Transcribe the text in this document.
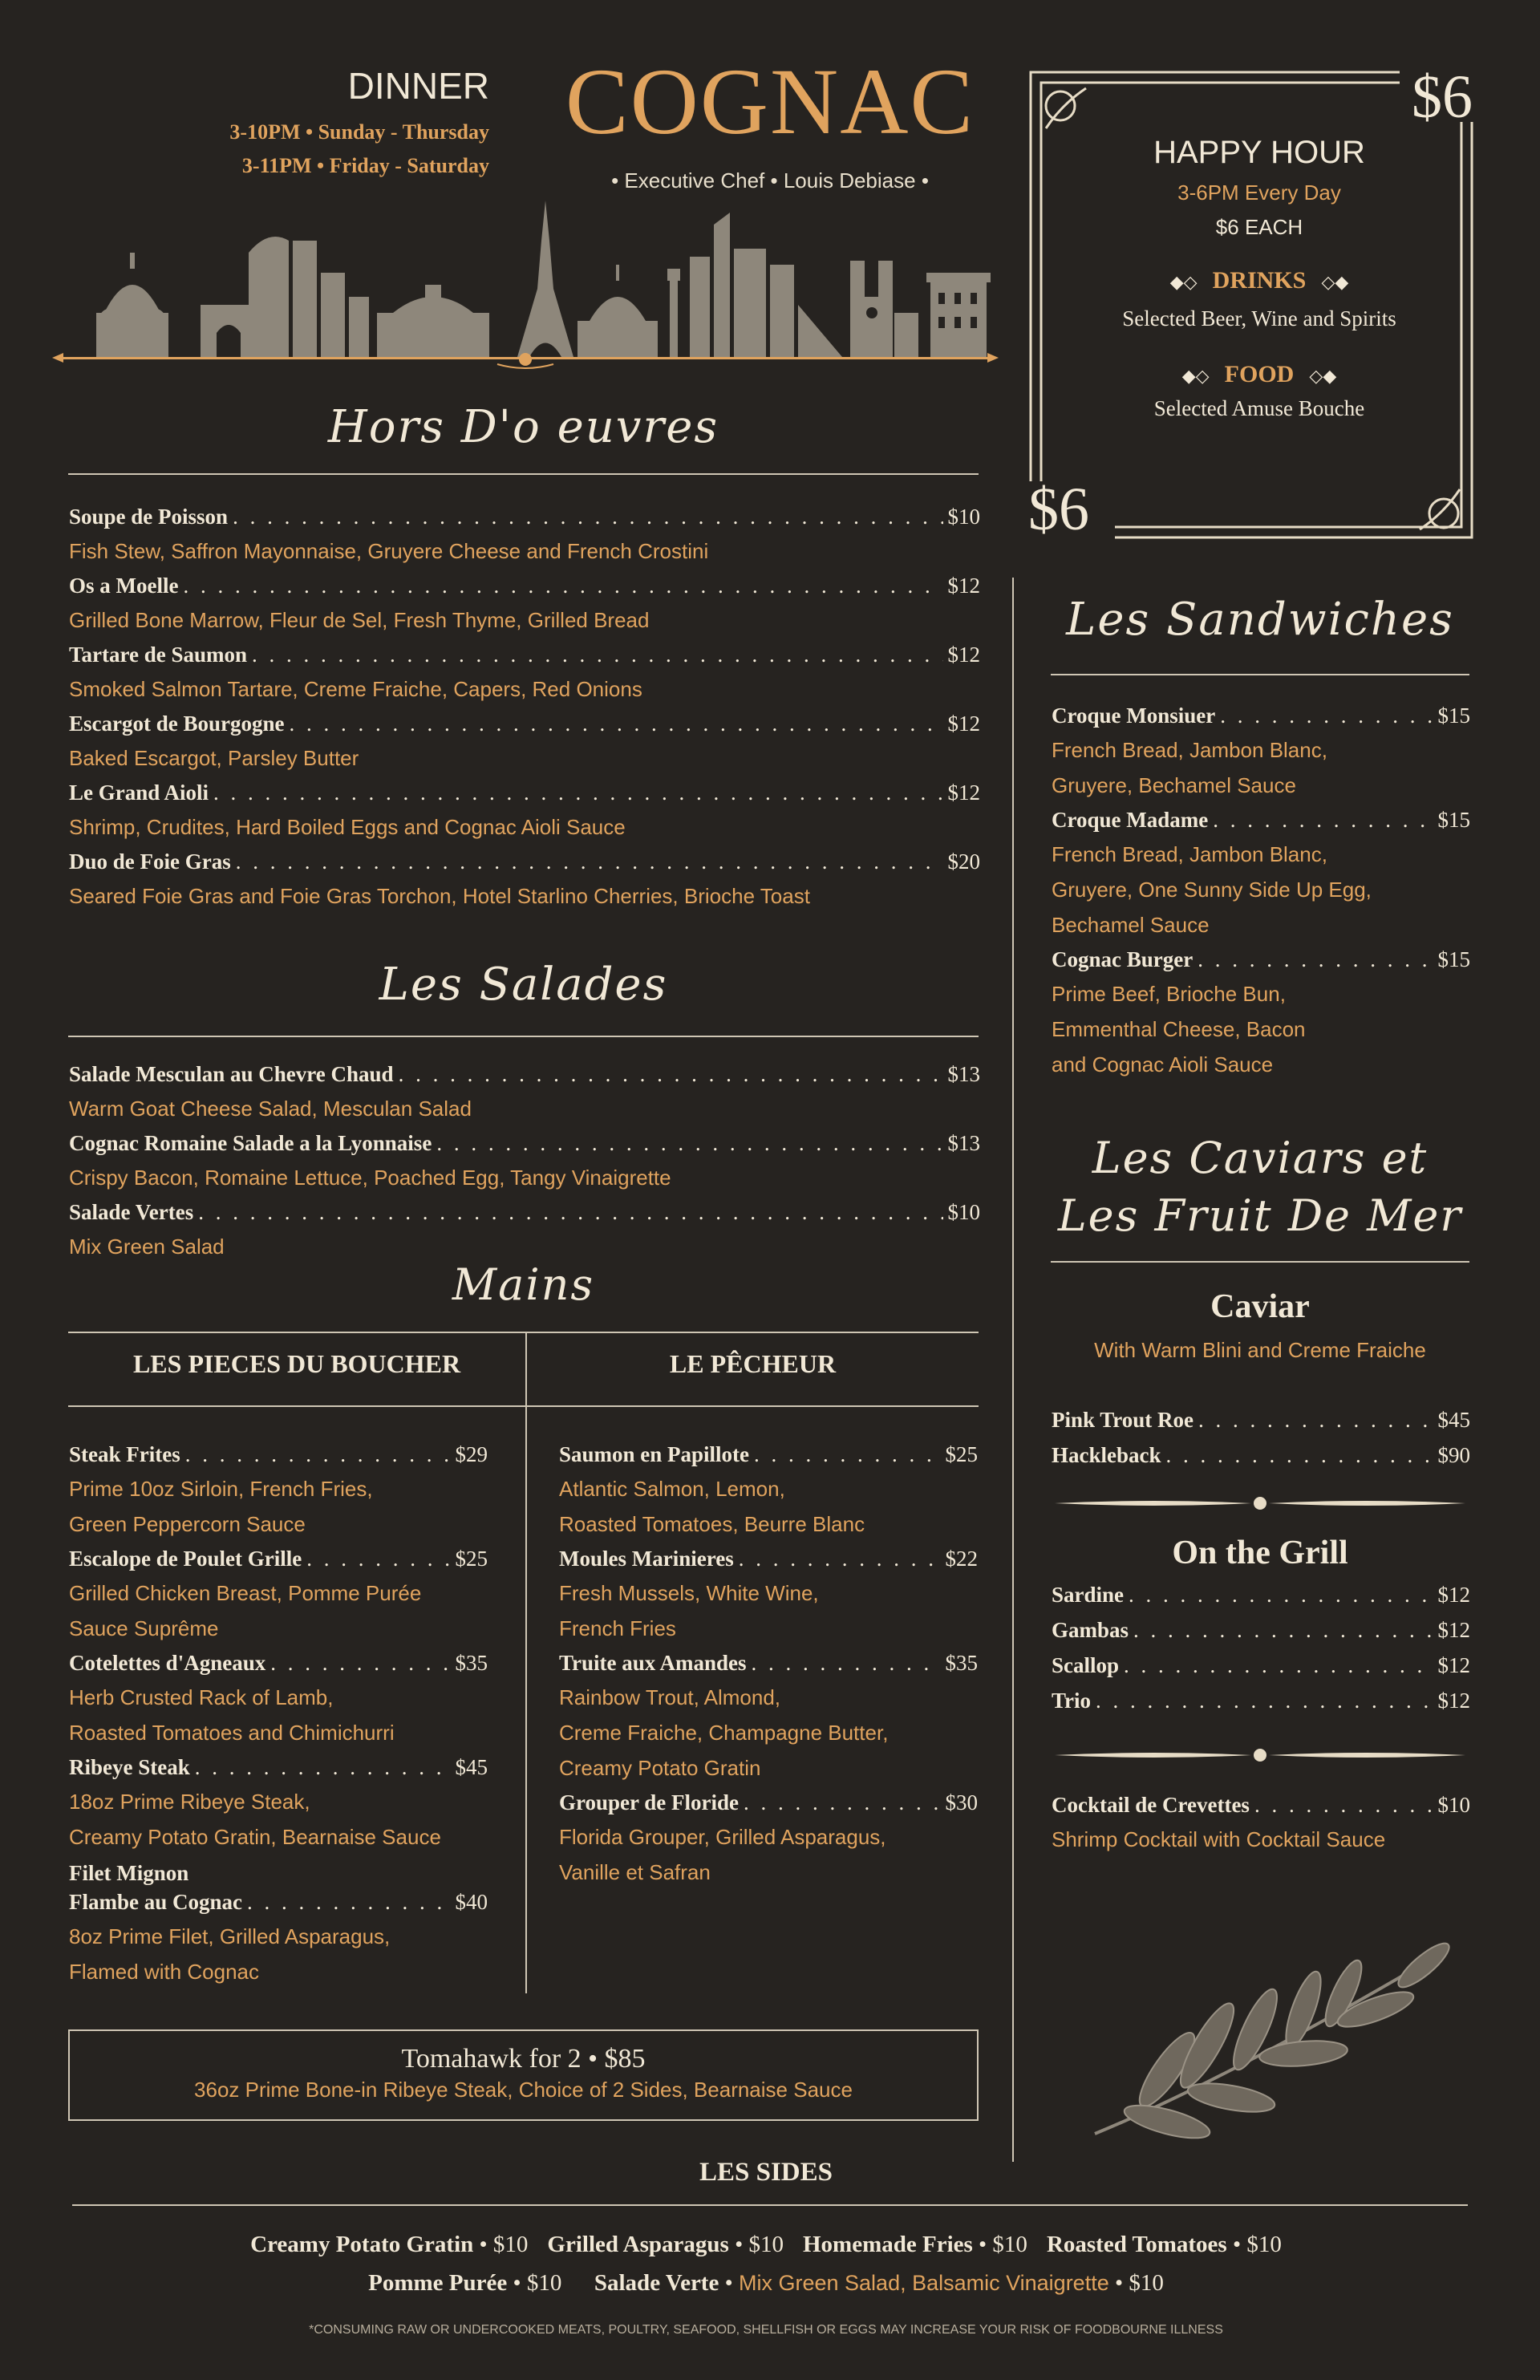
DINNER
3-10PM • Sunday - Thursday
3-11PM • Friday - Saturday
COGNAC
• Executive Chef • Louis Debiase •
$6
$6
HAPPY HOUR
3-6PM Every Day
$6 EACH
◆◇ DRINKS ◇◆
Selected Beer, Wine and Spirits
◆◇ FOOD ◇◆
Selected Amuse Bouche
Hors D'o euvres
Soupe de Poisson . . .	$10
Fish Stew, Saffron Mayonnaise, Gruyere Cheese and French Crostini
Os a Moelle . . .	$12
Grilled Bone Marrow, Fleur de Sel, Fresh Thyme, Grilled Bread
Tartare de Saumon . . .	$12
Smoked Salmon Tartare, Creme Fraiche, Capers, Red Onions
Escargot de Bourgogne . . .	$12
Baked Escargot, Parsley Butter
Le Grand Aioli . . .	$12
Shrimp, Crudites, Hard Boiled Eggs and Cognac Aioli Sauce
Duo de Foie Gras . . .	$20
Seared Foie Gras and Foie Gras Torchon, Hotel Starlino Cherries, Brioche Toast
Les Salades
Salade Mesculan au Chevre Chaud . . .	$13
Warm Goat Cheese Salad, Mesculan Salad
Cognac Romaine Salade a la Lyonnaise . . .	$13
Crispy Bacon, Romaine Lettuce, Poached Egg, Tangy Vinaigrette
Salade Vertes . . .	$10
Mix Green Salad
Mains
LES PIECES DU BOUCHER	LE PÊCHEUR
Steak Frites . . .	$29
Prime 10oz Sirloin, French Fries,
Green Peppercorn Sauce
Escalope de Poulet Grille . . .	$25
Grilled Chicken Breast, Pomme Purée
Sauce Suprême
Cotelettes d'Agneaux . . .	$35
Herb Crusted Rack of Lamb,
Roasted Tomatoes and Chimichurri
Ribeye Steak . . .	$45
18oz Prime Ribeye Steak,
Creamy Potato Gratin, Bearnaise Sauce
Filet Mignon
Flambe au Cognac . . .	$40
8oz Prime Filet, Grilled Asparagus,
Flamed with Cognac
Saumon en Papillote . . .	$25
Atlantic Salmon, Lemon,
Roasted Tomatoes, Beurre Blanc
Moules Marinieres . . .	$22
Fresh Mussels, White Wine,
French Fries
Truite aux Amandes . . .	$35
Rainbow Trout, Almond,
Creme Fraiche, Champagne Butter,
Creamy Potato Gratin
Grouper de Floride . . .	$30
Florida Grouper, Grilled Asparagus,
Vanille et Safran
Tomahawk for 2 • $85
36oz Prime Bone-in Ribeye Steak, Choice of 2 Sides, Bearnaise Sauce
Les Sandwiches
Croque Monsiuer . . .	$15
French Bread, Jambon Blanc,
Gruyere, Bechamel Sauce
Croque Madame . . .	$15
French Bread, Jambon Blanc,
Gruyere, One Sunny Side Up Egg,
Bechamel Sauce
Cognac Burger . . .	$15
Prime Beef, Brioche Bun,
Emmenthal Cheese, Bacon
and Cognac Aioli Sauce
Les Caviars et
Les Fruit De Mer
Caviar
With Warm Blini and Creme Fraiche
Pink Trout Roe . . .	$45
Hackleback . . .	$90
On the Grill
Sardine . . .	$12
Gambas . . .	$12
Scallop . . .	$12
Trio . . .	$12
Cocktail de Crevettes . . .	$10
Shrimp Cocktail with Cocktail Sauce
LES SIDES
Creamy Potato Gratin • $10 Grilled Asparagus • $10 Homemade Fries • $10 Roasted Tomatoes • $10
Pomme Purée • $10 Salade Verte • Mix Green Salad, Balsamic Vinaigrette • $10
*CONSUMING RAW OR UNDERCOOKED MEATS, POULTRY, SEAFOOD, SHELLFISH OR EGGS MAY INCREASE YOUR RISK OF FOODBOURNE ILLNESS
